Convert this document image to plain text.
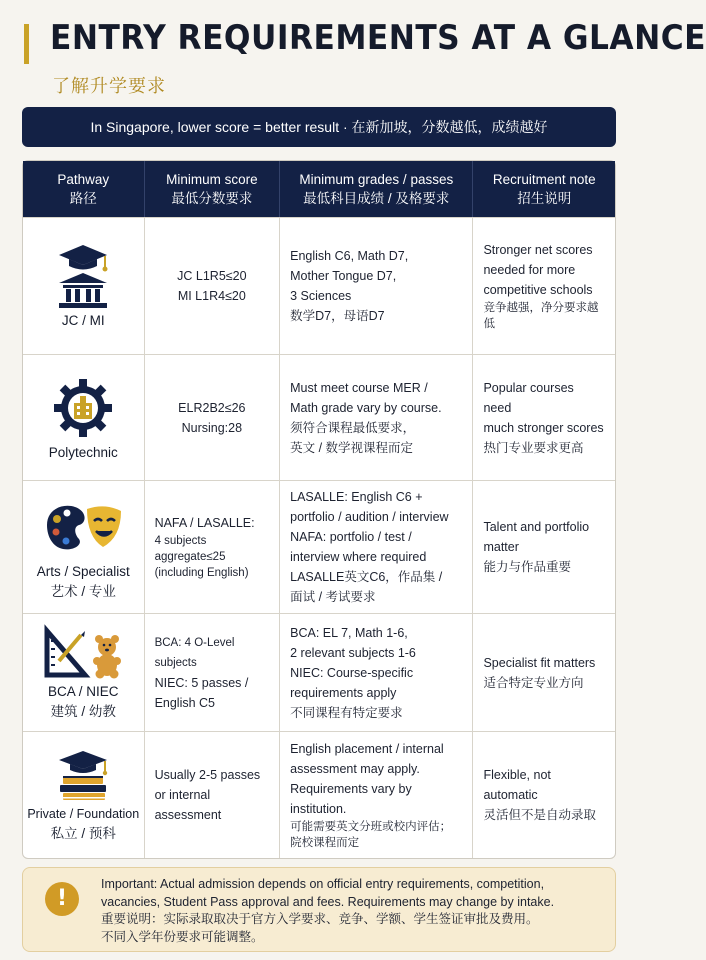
ENTRY REQUIREMENTS AT A GLANCE
了解升学要求
In Singapore, lower score = better result · 在新加坡，分数越低，成绩越好
Pathway
路径
Minimum score
最低分数要求
Minimum grades / passes
最低科目成绩 / 及格要求
Recruitment note
招生说明
JC / MI
JC L1R5≤20
MI L1R4≤20
English C6, Math D7,
Mother Tongue D7,
3 Sciences
数学D7，母语D7
Stronger net scores
needed for more
competitive schools
竞争越强，净分要求越低
Polytechnic
ELR2B2≤26
Nursing:28
Must meet course MER /
Math grade vary by course.
须符合课程最低要求，
英文 / 数学视课程而定
Popular courses need
much stronger scores
热门专业要求更高
Arts / Specialist
艺术 / 专业
NAFA / LASALLE:
4 subjects aggregate≤25
(including English)
LASALLE: English C6 +
portfolio / audition / interview
NAFA: portfolio / test /
interview where required
LASALLE英文C6，作品集 /
面试 / 考试要求
Talent and portfolio
matter
能力与作品重要
BCA / NIEC
建筑 / 幼教
BCA: 4 O-Level subjects
NIEC: 5 passes /
English C5
BCA: EL 7, Math 1-6,
2 relevant subjects 1-6
NIEC: Course-specific
requirements apply
不同课程有特定要求
Specialist fit matters
适合特定专业方向
Private / Foundation
私立 / 预科
Usually 2-5 passes
or internal
assessment
English placement / internal
assessment may apply.
Requirements vary by
institution.
可能需要英文分班或校内评估；
院校课程而定
Flexible, not automatic
灵活但不是自动录取
!
Important: Actual admission depends on official entry requirements, competition,
vacancies, Student Pass approval and fees. Requirements may change by intake.
重要说明：实际录取取决于官方入学要求、竞争、学额、学生签证审批及费用。
不同入学年份要求可能调整。
